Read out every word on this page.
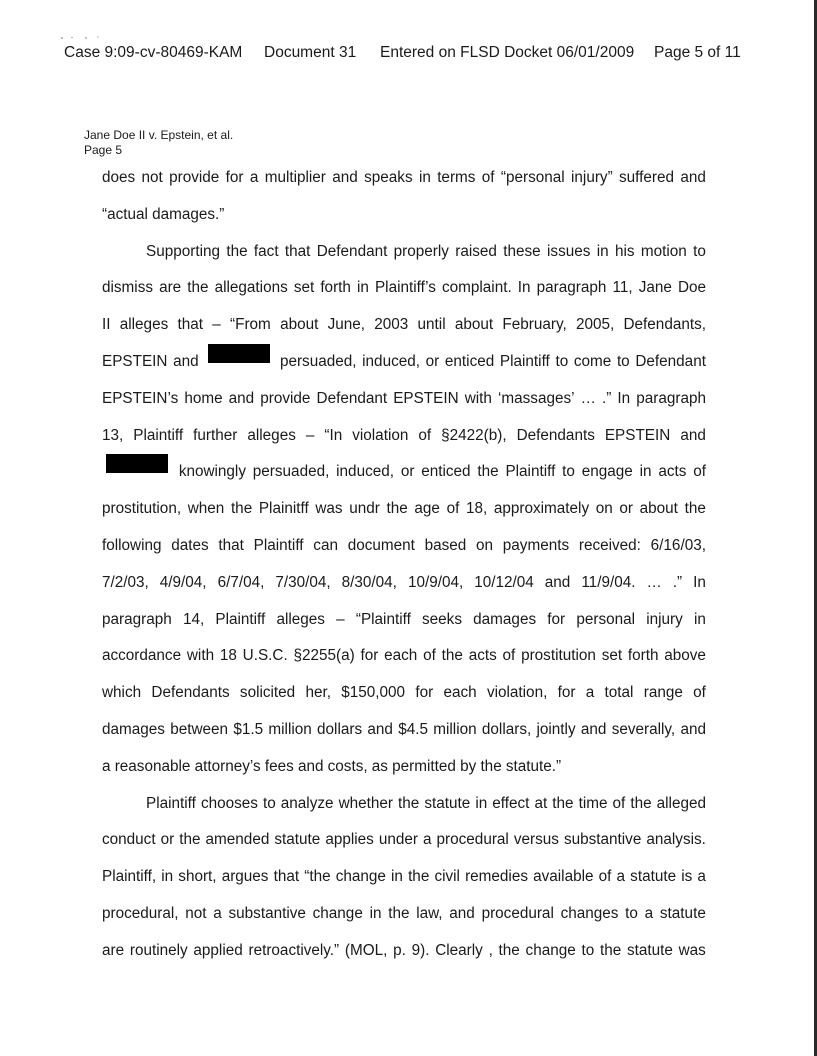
Case 9:09-cv-80469-KAM Document 31 Entered on FLSD Docket 06/01/2009 Page 5 of 11
Jane Doe II v. Epstein, et al.
Page 5
does not provide for a multiplier and speaks in terms of “personal injury” suffered and
“actual damages.”
Supporting the fact that Defendant properly raised these issues in his motion to
dismiss are the allegations set forth in Plaintiff’s complaint. In paragraph 11, Jane Doe
II alleges that – “From about June, 2003 until about February, 2005, Defendants,
EPSTEIN and	persuaded, induced, or enticed Plaintiff to come to Defendant
EPSTEIN’s home and provide Defendant EPSTEIN with ‘massages’ … .” In paragraph
13, Plaintiff further alleges – “In violation of §2422(b), Defendants EPSTEIN and
knowingly persuaded, induced, or enticed the Plaintiff to engage in acts of
prostitution, when the Plainitff was undr the age of 18, approximately on or about the
following dates that Plaintiff can document based on payments received: 6/16/03,
7/2/03, 4/9/04, 6/7/04, 7/30/04, 8/30/04, 10/9/04, 10/12/04 and 11/9/04. … .” In
paragraph 14, Plaintiff alleges – “Plaintiff seeks damages for personal injury in
accordance with 18 U.S.C. §2255(a) for each of the acts of prostitution set forth above
which Defendants solicited her, $150,000 for each violation, for a total range of
damages between $1.5 million dollars and $4.5 million dollars, jointly and severally, and
a reasonable attorney’s fees and costs, as permitted by the statute.”
Plaintiff chooses to analyze whether the statute in effect at the time of the alleged
conduct or the amended statute applies under a procedural versus substantive analysis.
Plaintiff, in short, argues that “the change in the civil remedies available of a statute is a
procedural, not a substantive change in the law, and procedural changes to a statute
are routinely applied retroactively.” (MOL, p. 9). Clearly , the change to the statute was
